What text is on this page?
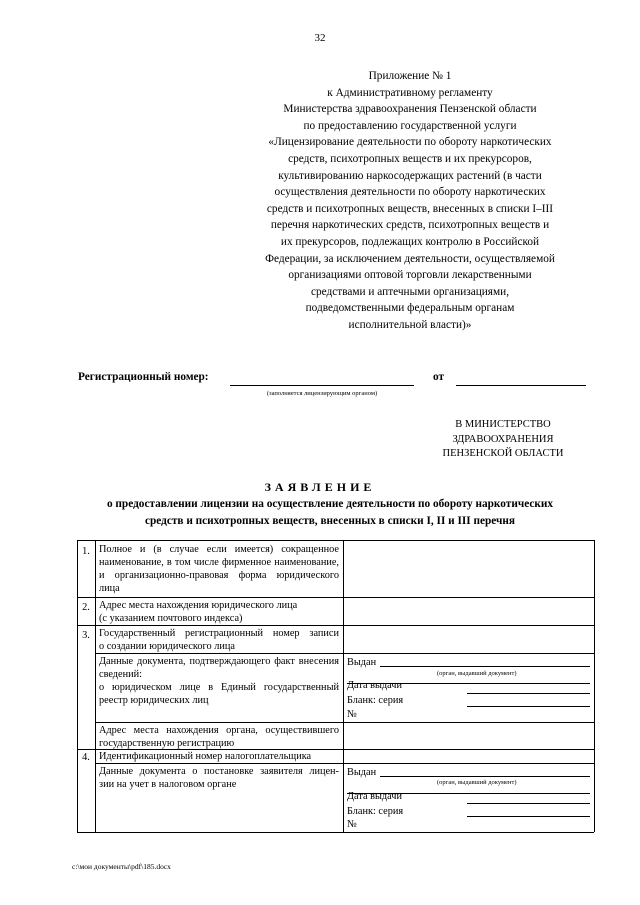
32
Приложение № 1
к Административному регламенту
Министерства здравоохранения Пензенской области
по предоставлению государственной услуги
«Лицензирование деятельности по обороту наркотических
средств, психотропных веществ и их прекурсоров,
культивированию наркосодержащих растений (в части
осуществления деятельности по обороту наркотических
средств и психотропных веществ, внесенных в списки I–III
перечня наркотических средств, психотропных веществ и
их прекурсоров, подлежащих контролю в Российской
Федерации, за исключением деятельности, осуществляемой
организациями оптовой торговли лекарственными
средствами и аптечными организациями,
подведомственными федеральным органам
исполнительной власти)»
Регистрационный номер:
(заполняется лицензирующим органом)
от
В МИНИСТЕРСТВО
ЗДРАВООХРАНЕНИЯ
ПЕНЗЕНСКОЙ ОБЛАСТИ
ЗАЯВЛЕНИЕ
о предоставлении лицензии на осуществление деятельности по обороту наркотических
средств и психотропных веществ, внесенных в списки I, II и III перечня
1. Полное и (в случае если имеется) сокращенное
наименование, в том числе фирменное наименование,
и организационно-правовая форма юридического
лица
2. Адрес места нахождения юридического лица
(с указанием почтового индекса)
3. Государственный регистрационный номер записи
о создании юридического лица
Данные документа, подтверждающего факт внесения
сведений:
о юридическом лице в Единый государственный
реестр юридических лиц
Выдан
(орган, выдавший документ)
Дата выдачи
Бланк: серия
№
Адрес места нахождения органа, осуществившего
государственную регистрацию
4. Идентификационный номер налогоплательщика
Данные документа о постановке заявителя лицен-
зии на учет в налоговом органе
Выдан
(орган, выдавший документ)
Дата выдачи
Бланк: серия
№
c:\мои документы\pdf\185.docx
